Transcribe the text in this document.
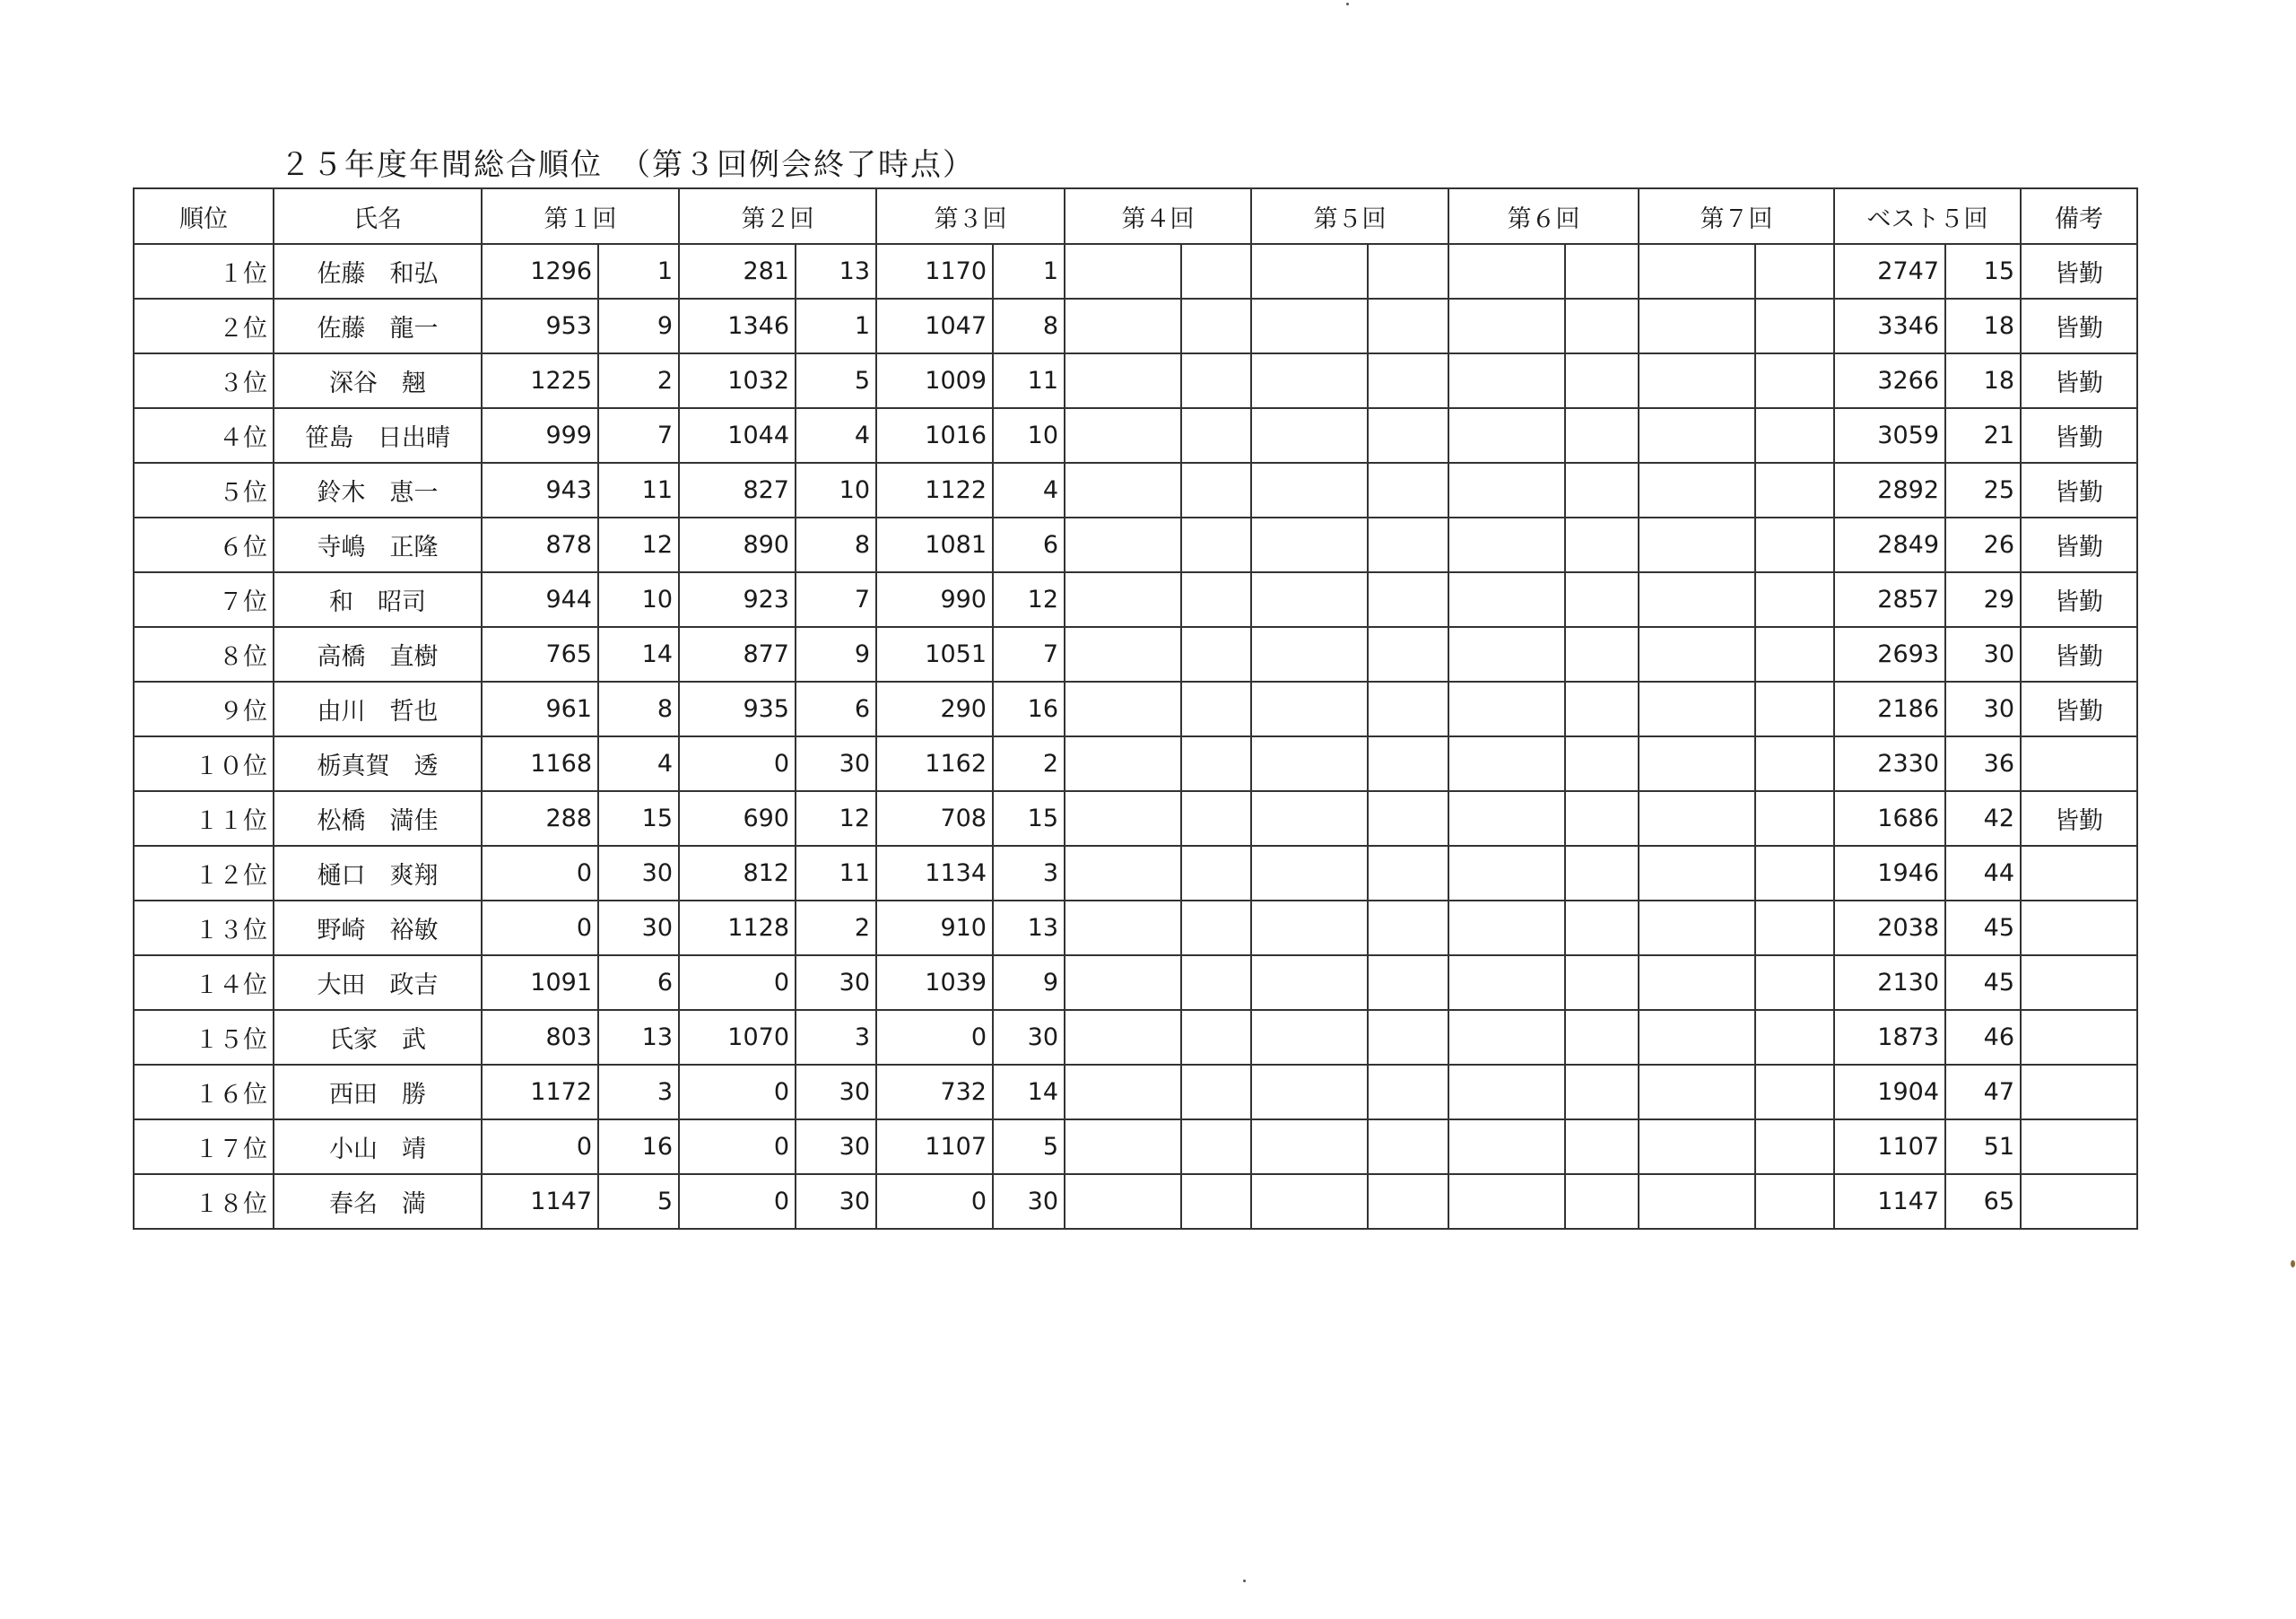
２５年度年間総合順位　（第３回例会終了時点）
順位	氏名	第１回		第２回		第３回		第４回		第５回		第６回		第７回		ベスト５回		備考
１位	佐藤　和弘	1296	1	281	13	1170	1									2747	15	皆勤
２位	佐藤　龍一	953	9	1346	1	1047	8									3346	18	皆勤
３位	深谷　翹	1225	2	1032	5	1009	11									3266	18	皆勤
４位	笹島　日出晴	999	7	1044	4	1016	10									3059	21	皆勤
５位	鈴木　恵一	943	11	827	10	1122	4									2892	25	皆勤
６位	寺嶋　正隆	878	12	890	8	1081	6									2849	26	皆勤
７位	和　昭司	944	10	923	7	990	12									2857	29	皆勤
８位	高橋　直樹	765	14	877	9	1051	7									2693	30	皆勤
９位	由川　哲也	961	8	935	6	290	16									2186	30	皆勤
１０位	栃真賀　透	1168	4	0	30	1162	2									2330	36	
１１位	松橋　満佳	288	15	690	12	708	15									1686	42	皆勤
１２位	樋口　爽翔	0	30	812	11	1134	3									1946	44	
１３位	野崎　裕敏	0	30	1128	2	910	13									2038	45	
１４位	大田　政吉	1091	6	0	30	1039	9									2130	45	
１５位	氏家　武	803	13	1070	3	0	30									1873	46	
１６位	西田　勝	1172	3	0	30	732	14									1904	47	
１７位	小山　靖	0	16	0	30	1107	5									1107	51	
１８位	春名　満	1147	5	0	30	0	30									1147	65	
